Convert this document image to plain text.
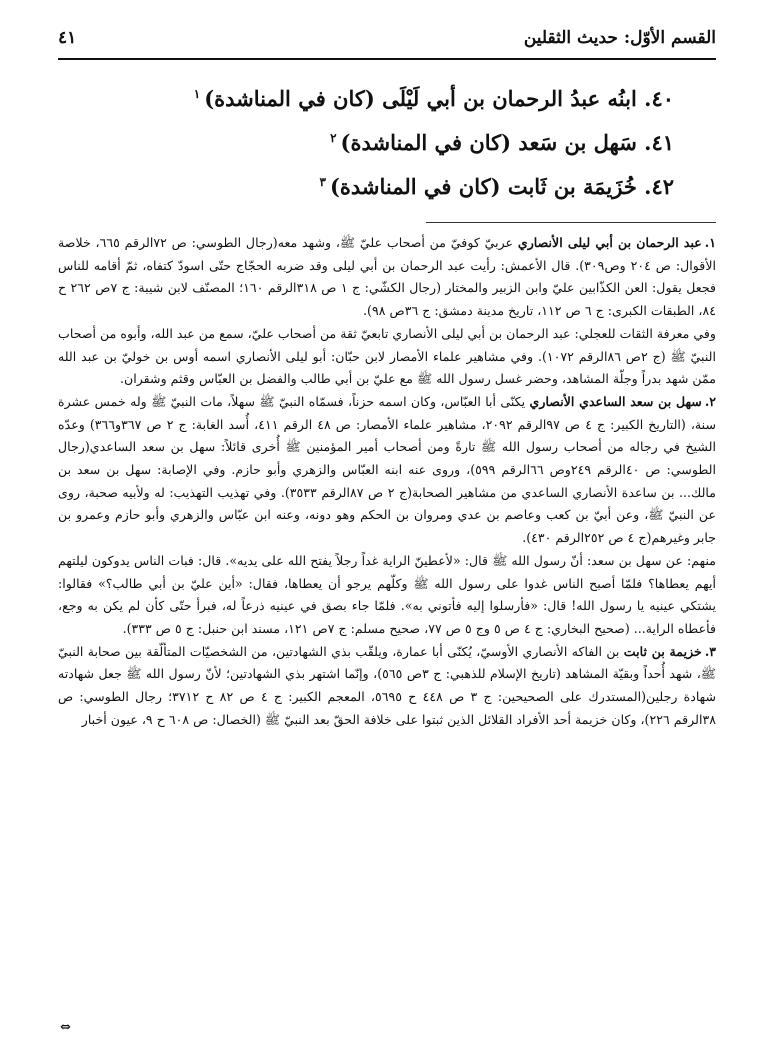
القسم الأوّل: حديث الثقلين
٤١
٤٠. ابنُه عبدُ الرحمان بن أبي لَيْلَى (كان في المناشدة)$^١$
٤١. سَهل بن سَعد (كان في المناشدة)$^٢$
٤٢. خُزَيمَة بن ثَابت (كان في المناشدة)$^٣$

١.عبد الرحمان بن أبي ليلى الأنصاري عربيّ كوفيّ من أصحاب عليّ ﷺ، وشهد معه(رجال الطوسي: ص ٧٢الرقم ٦٦٥، خلاصة الأقوال: ص ٢٠٤ وص٣٠٩). قال الأعمش: رأيت عبد الرحمان بن أبي ليلى وقد ضربه الحجّاج حتّى اسودّ كتفاه، ثمّ أقامه للناس فجعل يقول: العن الكذّابين عليّ وابن الزبير والمختار (رجال الكشّي: ج ١ ص ٣١٨الرقم ١٦٠؛ المصنّف لابن شيبة: ج ٧ص ٢٦٢ ح ٨٤، الطبقات الكبرى: ج ٦ ص ١١٢، تاريخ مدينة دمشق: ج ٣٦ص ٩٨).

وفي معرفة الثقات للعجلي: عبد الرحمان بن أبي ليلى الأنصاري تابعيّ ثقة من أصحاب عليّ، سمع من عبد الله، وأبوه من أصحاب النبيّ ﷺ (ج ٢ص ٨٦الرقم ١٠٧٢). وفي مشاهير علماء الأمصار لابن حبّان: أبو ليلى الأنصاري اسمه أوس بن خوليّ بن عبد الله ممّن شهد بدراً وجلّة المشاهد، وحضر غسل رسول الله ﷺ مع عليّ بن أبي طالب والفضل بن العبّاس وقثم وشقران.

٢.سهل بن سعد الساعدي الأنصاري يكنّى أبا العبّاس، وكان اسمه حزناً، فسمّاه النبيّ ﷺ سهلاً، مات النبيّ ﷺ وله خمس عشرة سنة، (التاريخ الكبير: ج ٤ ص ٩٧الرقم ٢٠٩٢، مشاهير علماء الأمصار: ص ٤٨ الرقم ٤١١، أُسد الغابة: ج ٢ ص ٣٦٧و٣٦٦) وعدّه الشيخ في رجاله من أصحاب رسول الله ﷺ تارةً ومن أصحاب أمير المؤمنين ﷺ أُخرى قائلاً: سهل بن سعد الساعدي(رجال الطوسي: ص ٤٠الرقم ٢٤٩وص ٦٦الرقم ٥٩٩)، وروى عنه ابنه العبّاس والزهري وأبو حازم. وفي الإصابة: سهل بن سعد بن مالك... بن ساعدة الأنصاري الساعدي من مشاهير الصحابة(ج ٢ ص ٨٧الرقم ٣٥٣٣). وفي تهذيب التهذيب: له ولأبيه صحبة، روى عن النبيّ ﷺ، وعن أبيّ بن كعب وعاصم بن عدي ومروان بن الحكم وهو دونه، وعنه ابن عبّاس والزهري وأبو حازم وعمرو بن جابر وغيرهم(ج ٤ ص ٢٥٢الرقم ٤٣٠).

منهم: عن سهل بن سعد: أنّ رسول الله ﷺ قال: «لأعطينّ الراية غداً رجلاً يفتح الله على يديه». قال: فبات الناس يدوكون ليلتهم أيهم يعطاها؟ فلمّا أصبح الناس غدوا على رسول الله ﷺ وكلّهم يرجو أن يعطاها، فقال: «أين عليّ بن أبي طالب؟» فقالوا: يشتكي عينيه يا رسول الله! قال: «فأرسلوا إليه فأتوني به». فلمّا جاء بصق في عينيه ذرعاً له، فبرأ حتّى كأن لم يكن به وجع، فأعطاه الراية... (صحيح البخاري: ج ٤ ص ٥ وج ٥ ص ٧٧، صحيح مسلم: ج ٧ص ١٢١، مسند ابن حنبل: ج ٥ ص ٣٣٣).

٣.خزيمة بن ثابت بن الفاكه الأنصاري الأوسيّ، يُكنّى أبا عمارة، ويلقّب بذي الشهادتين، من الشخصيّات المتألّقة بين صحابة النبيّ ﷺ، شهد أُحداً وبقيّة المشاهد (تاريخ الإسلام للذهبي: ج ٣ص ٥٦٥)، وإنّما اشتهر بذي الشهادتين؛ لأنّ رسول الله ﷺ جعل شهادته شهادة رجلين(المستدرك على الصحيحين: ج ٣ ص ٤٤٨ ح ٥٦٩٥، المعجم الكبير: ج ٤ ص ٨٢ ح ٣٧١٢؛ رجال الطوسي: ص ٣٨الرقم ٢٢٦)، وكان خزيمة أحد الأفراد القلائل الذين ثبتوا على خلافة الحقّ بعد النبيّ ﷺ (الخصال: ص ٦٠٨ ح ٩، عيون أخبار

⇔
